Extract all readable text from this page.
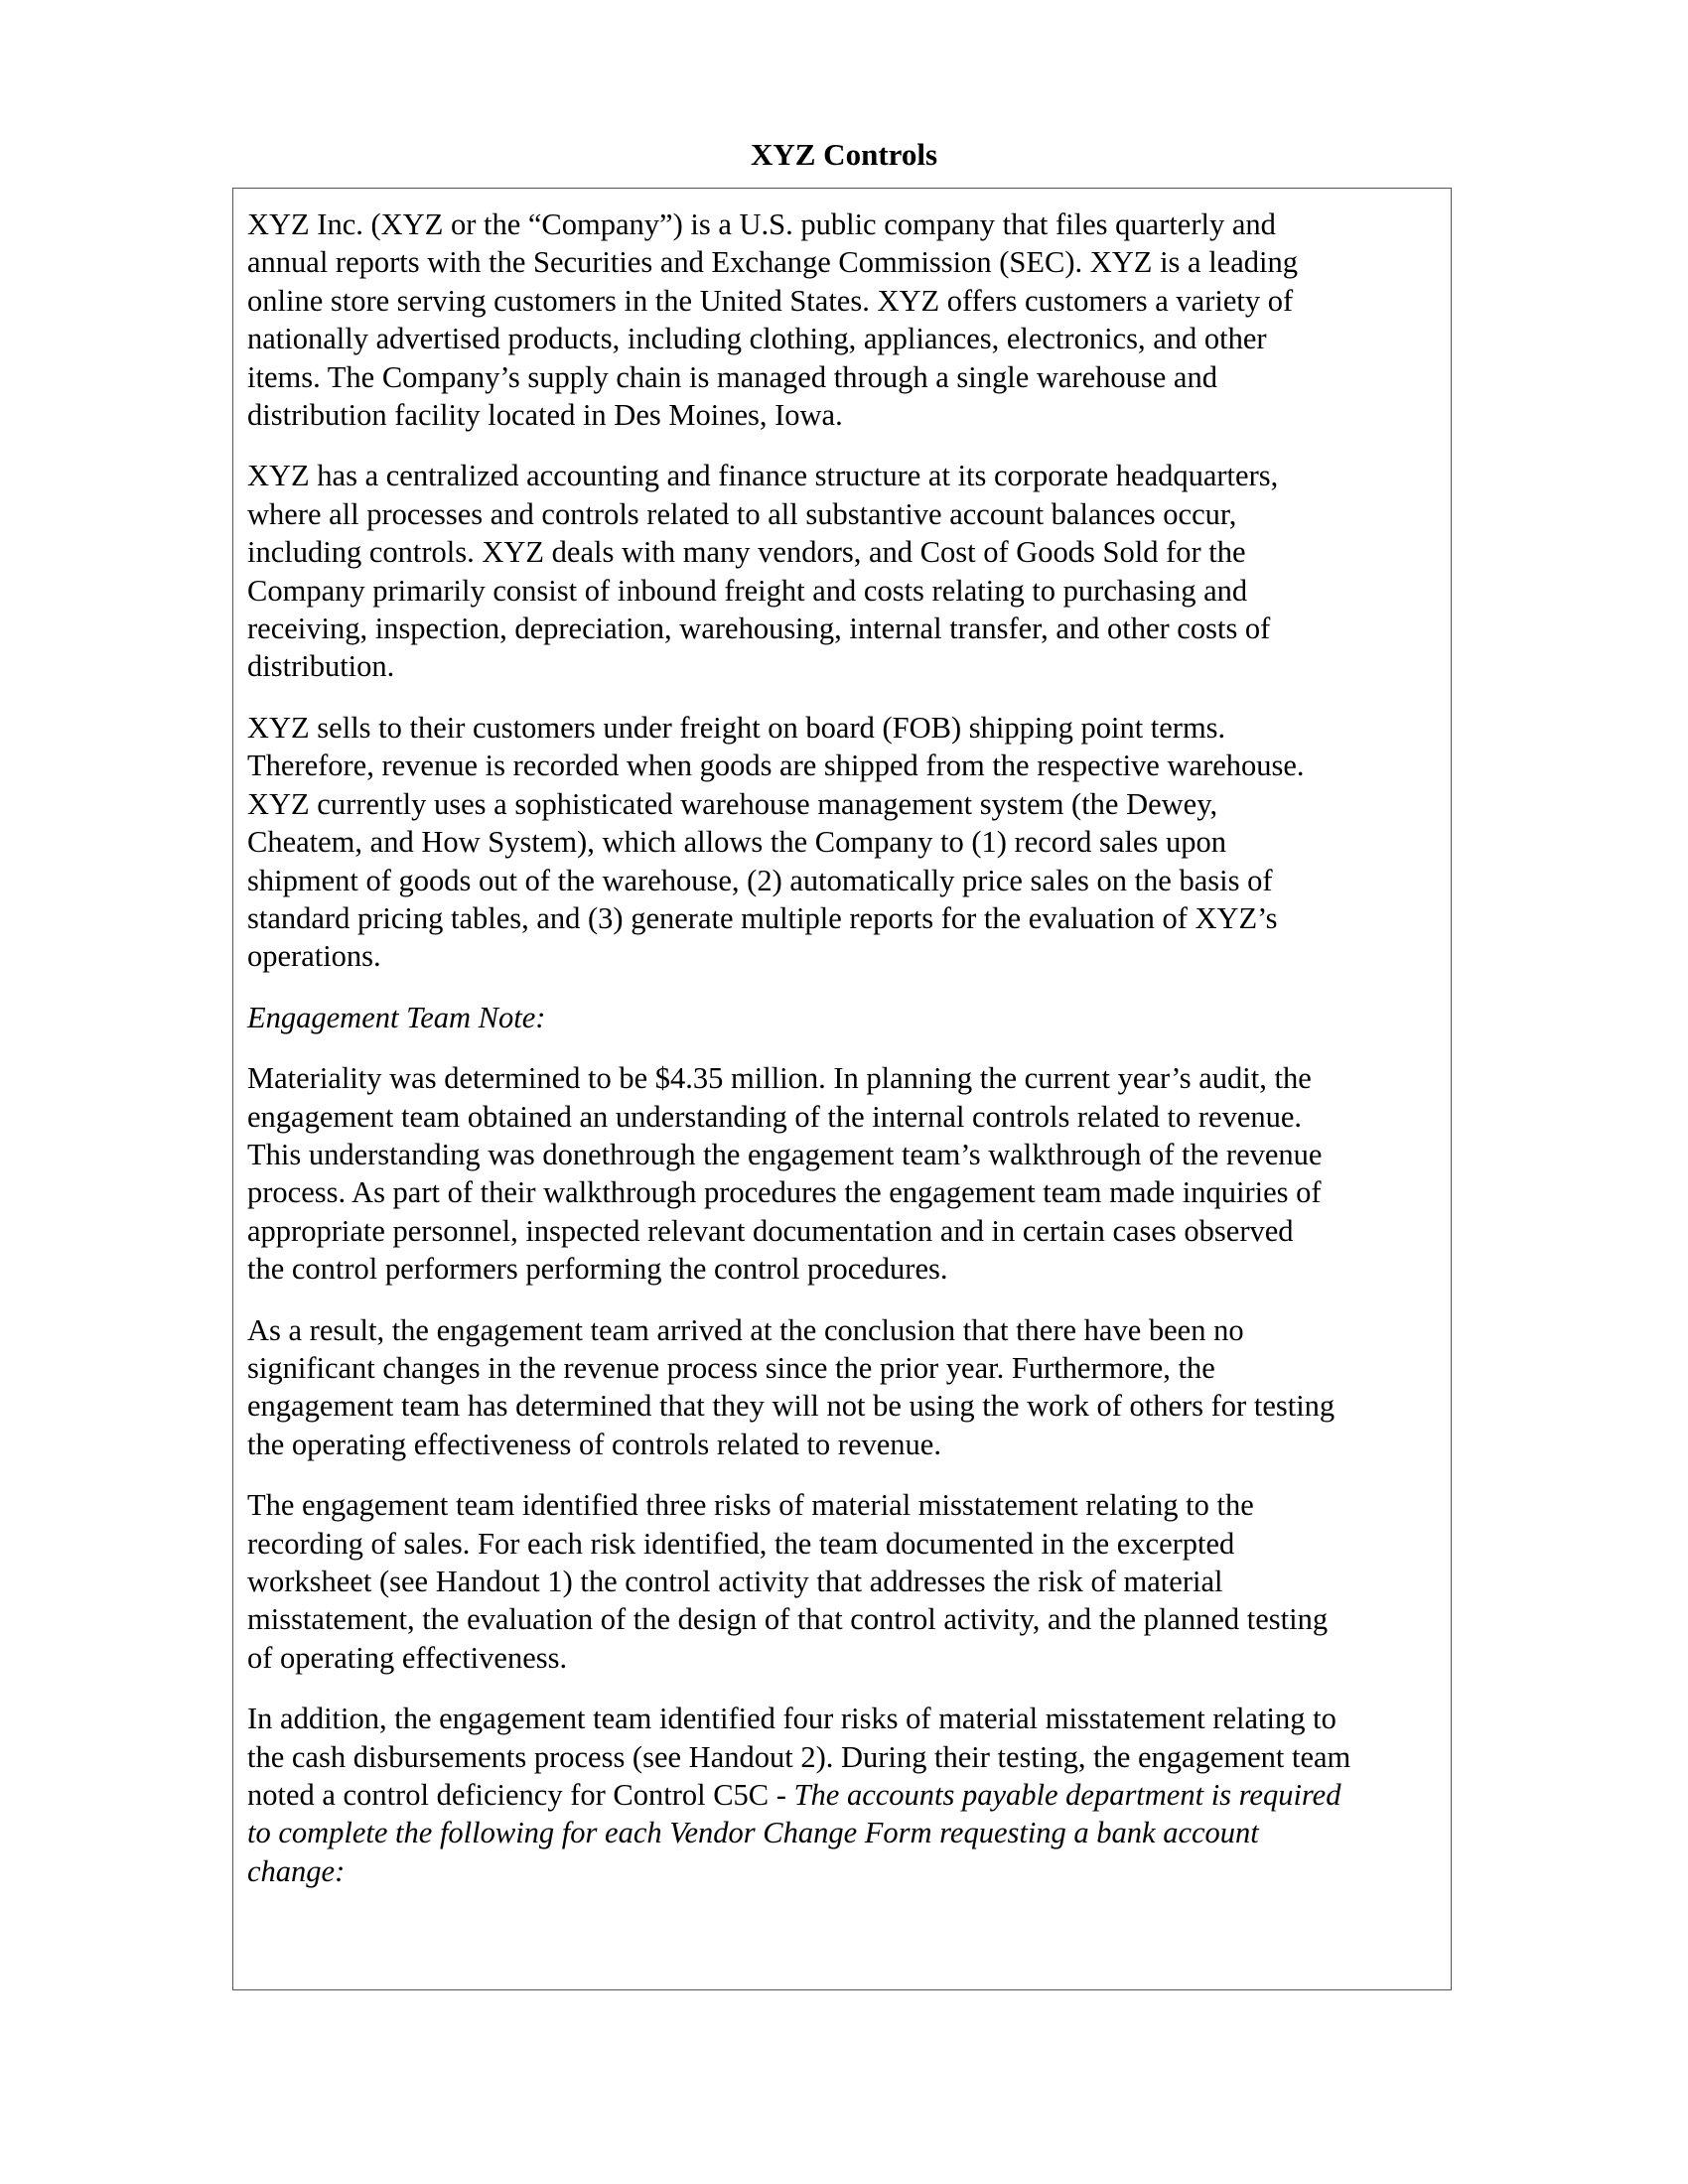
XYZ Controls
XYZ Inc. (XYZ or the “Company”) is a U.S. public company that files quarterly and
annual reports with the Securities and Exchange Commission (SEC). XYZ is a leading
online store serving customers in the United States. XYZ offers customers a variety of
nationally advertised products, including clothing, appliances, electronics, and other
items. The Company’s supply chain is managed through a single warehouse and
distribution facility located in Des Moines, Iowa.
XYZ has a centralized accounting and finance structure at its corporate headquarters,
where all processes and controls related to all substantive account balances occur,
including controls. XYZ deals with many vendors, and Cost of Goods Sold for the
Company primarily consist of inbound freight and costs relating to purchasing and
receiving, inspection, depreciation, warehousing, internal transfer, and other costs of
distribution.
XYZ sells to their customers under freight on board (FOB) shipping point terms.
Therefore, revenue is recorded when goods are shipped from the respective warehouse.
XYZ currently uses a sophisticated warehouse management system (the Dewey,
Cheatem, and How System), which allows the Company to (1) record sales upon
shipment of goods out of the warehouse, (2) automatically price sales on the basis of
standard pricing tables, and (3) generate multiple reports for the evaluation of XYZ’s
operations.
Engagement Team Note:
Materiality was determined to be $4.35 million. In planning the current year’s audit, the
engagement team obtained an understanding of the internal controls related to revenue.
This understanding was donethrough the engagement team’s walkthrough of the revenue
process. As part of their walkthrough procedures the engagement team made inquiries of
appropriate personnel, inspected relevant documentation and in certain cases observed
the control performers performing the control procedures.
As a result, the engagement team arrived at the conclusion that there have been no
significant changes in the revenue process since the prior year. Furthermore, the
engagement team has determined that they will not be using the work of others for testing
the operating effectiveness of controls related to revenue.
The engagement team identified three risks of material misstatement relating to the
recording of sales. For each risk identified, the team documented in the excerpted
worksheet (see Handout 1) the control activity that addresses the risk of material
misstatement, the evaluation of the design of that control activity, and the planned testing
of operating effectiveness.
In addition, the engagement team identified four risks of material misstatement relating to
the cash disbursements process (see Handout 2). During their testing, the engagement team
noted a control deficiency for Control C5C - The accounts payable department is required
to complete the following for each Vendor Change Form requesting a bank account
change:
